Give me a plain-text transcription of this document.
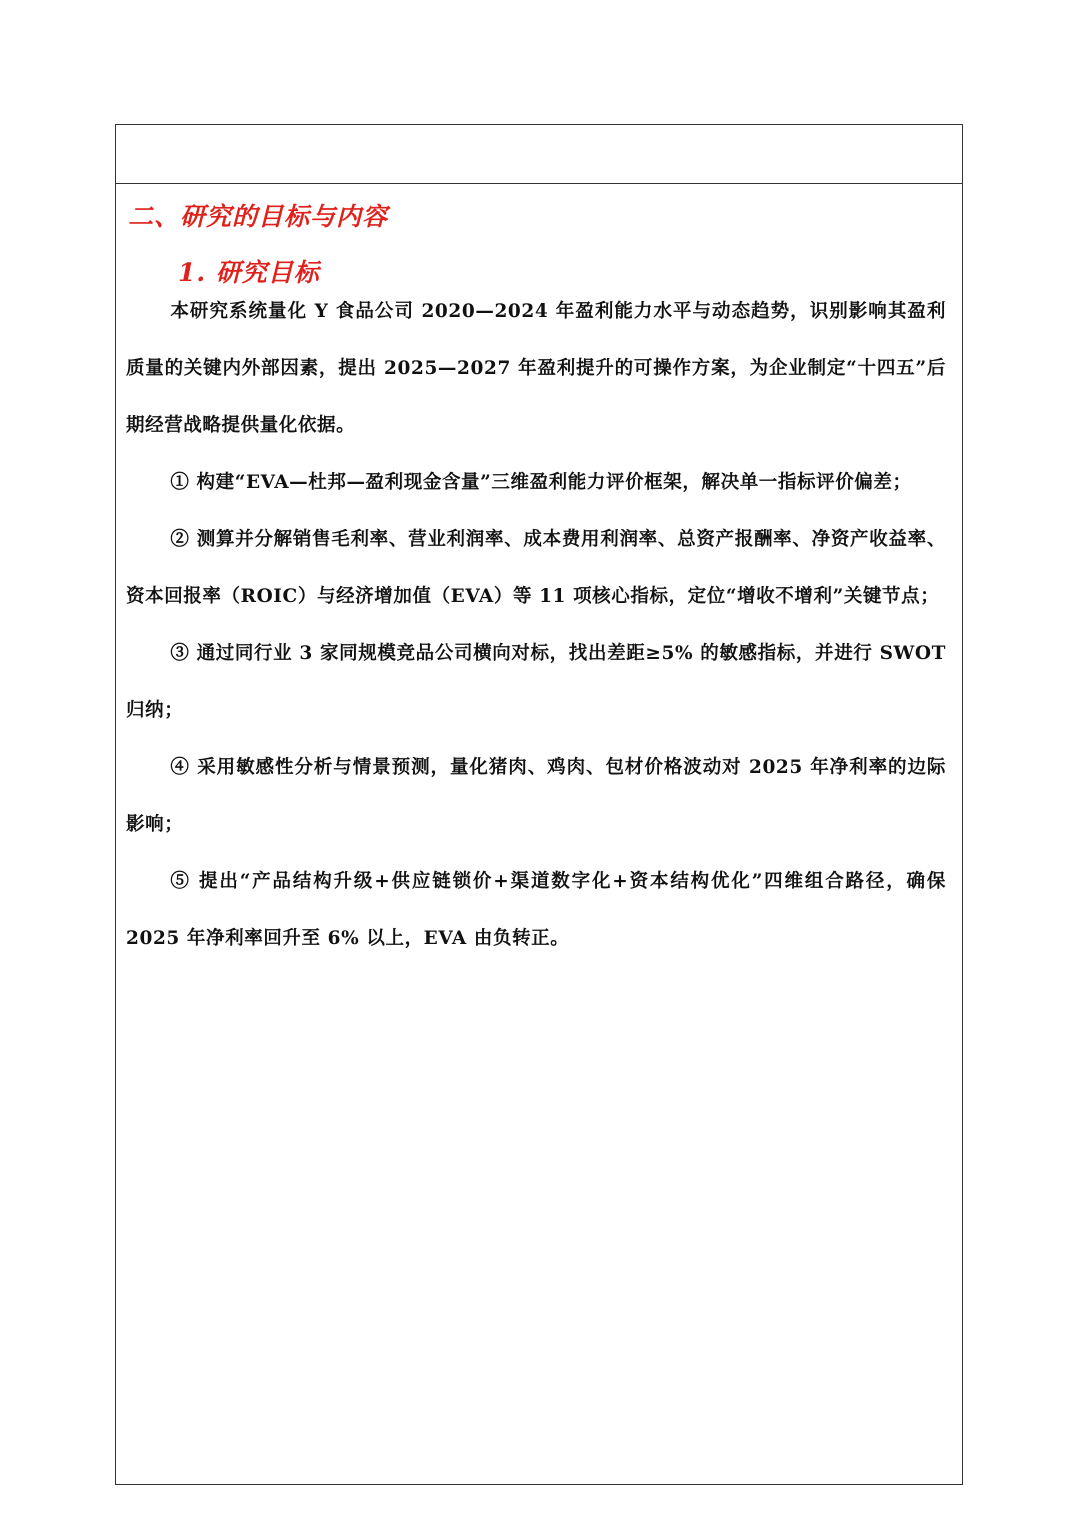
二、研究的目标与内容
1. 研究目标

本研究系统量化 Y 食品公司 2020—2024 年盈利能力水平与动态趋势，识别影响其盈利质量的关键内外部因素，提出 2025—2027 年盈利提升的可操作方案，为企业制定“十四五”后期经营战略提供量化依据。

① 构建“EVA—杜邦—盈利现金含量”三维盈利能力评价框架，解决单一指标评价偏差；

② 测算并分解销售毛利率、营业利润率、成本费用利润率、总资产报酬率、净资产收益率、资本回报率（ROIC）与经济增加值（EVA）等 11 项核心指标，定位“增收不增利”关键节点；

③ 通过同行业 3 家同规模竞品公司横向对标，找出差距≥5% 的敏感指标，并进行 SWOT 归纳；

④ 采用敏感性分析与情景预测，量化猪肉、鸡肉、包材价格波动对 2025 年净利率的边际影响；

⑤ 提出“产品结构升级+供应链锁价+渠道数字化+资本结构优化”四维组合路径，确保 2025 年净利率回升至 6% 以上，EVA 由负转正。
